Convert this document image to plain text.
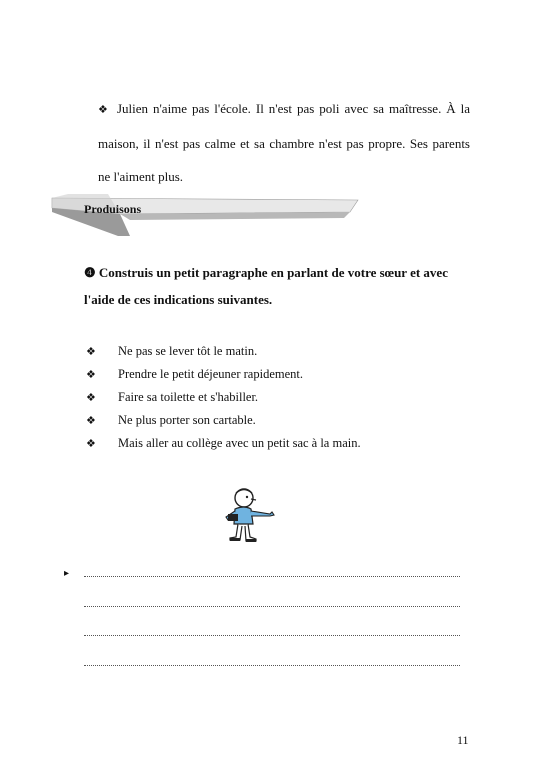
❖ Julien n'aime pas l'école. Il n'est pas poli avec sa maîtresse. À la maison, il n'est pas calme et sa chambre n'est pas propre. Ses parents ne l'aiment plus.
Produisons
❹ Construis un petit paragraphe en parlant de votre sœur et avec l'aide de ces indications suivantes.
❖	Ne pas se lever tôt le matin.
❖	Prendre le petit déjeuner rapidement.
❖	Faire sa toilette et s'habiller.
❖	Ne plus porter son cartable.
❖	Mais aller au collège avec un petit sac à la main.
▸
11
